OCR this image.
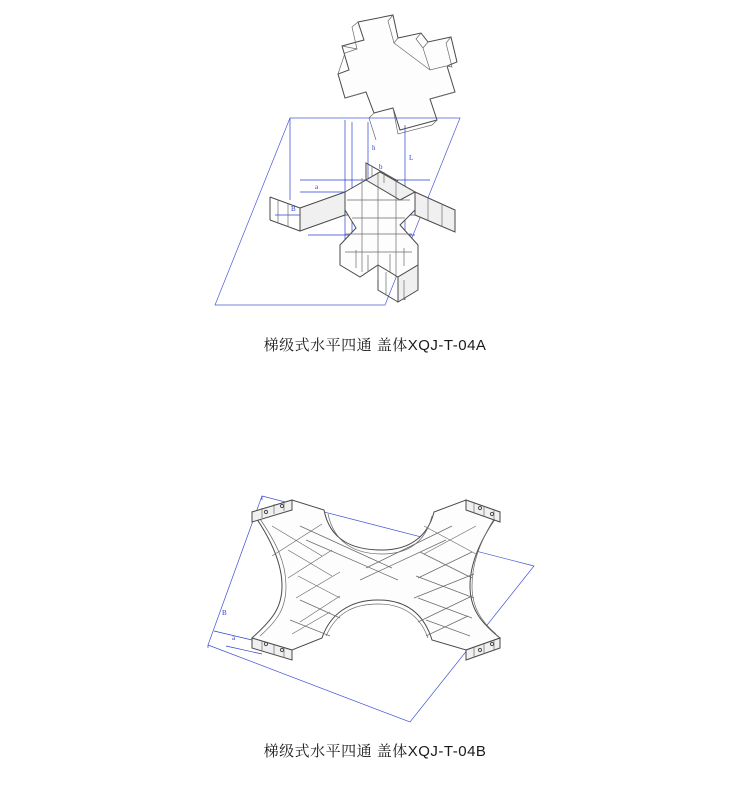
h
b
L
a
B
梯级式水平四通 盖体XQJ-T-04A
a
B
梯级式水平四通 盖体XQJ-T-04B
